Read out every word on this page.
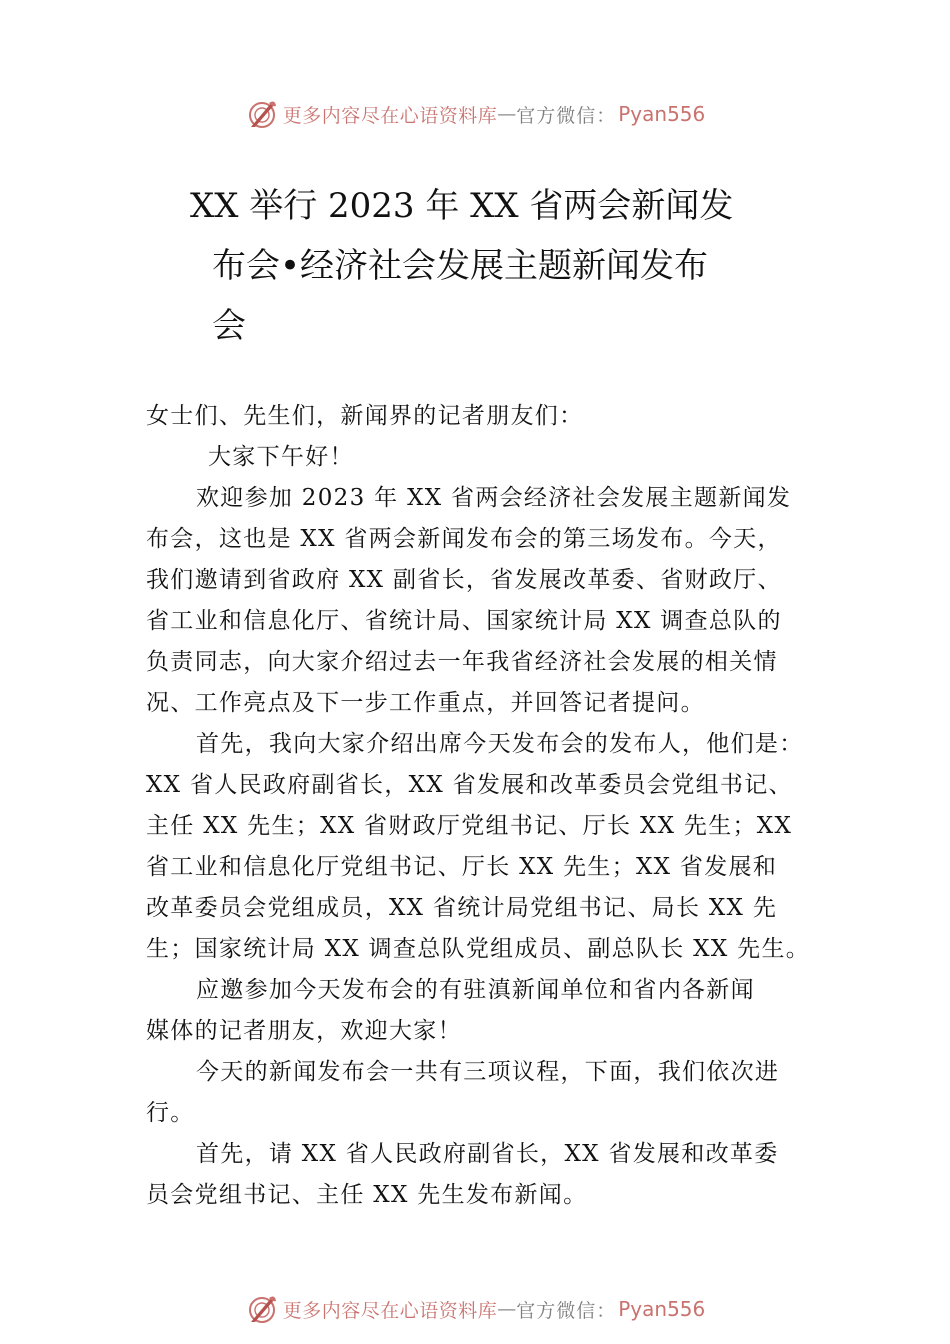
更多内容尽在心语资料库 — 官方微信： Pyan556
XX 举行 2023 年 XX 省两会新闻发
布会•经济社会发展主题新闻发布
会
女士们、先生们，新闻界的记者朋友们：
大家下午好！
欢迎参加 2023 年 XX 省两会经济社会发展主题新闻发
布会，这也是 XX 省两会新闻发布会的第三场发布。今天，
我们邀请到省政府 XX 副省长，省发展改革委、省财政厅、
省工业和信息化厅、省统计局、国家统计局 XX 调查总队的
负责同志，向大家介绍过去一年我省经济社会发展的相关情
况、工作亮点及下一步工作重点，并回答记者提问。
首先，我向大家介绍出席今天发布会的发布人，他们是：
XX 省人民政府副省长，XX 省发展和改革委员会党组书记、
主任 XX 先生；XX 省财政厅党组书记、厅长 XX 先生；XX
省工业和信息化厅党组书记、厅长 XX 先生；XX 省发展和
改革委员会党组成员，XX 省统计局党组书记、局长 XX 先
生；国家统计局 XX 调查总队党组成员、副总队长 XX 先生。
应邀参加今天发布会的有驻滇新闻单位和省内各新闻
媒体的记者朋友，欢迎大家！
今天的新闻发布会一共有三项议程，下面，我们依次进
行。
首先，请 XX 省人民政府副省长，XX 省发展和改革委
员会党组书记、主任 XX 先生发布新闻。
更多内容尽在心语资料库 — 官方微信： Pyan556
